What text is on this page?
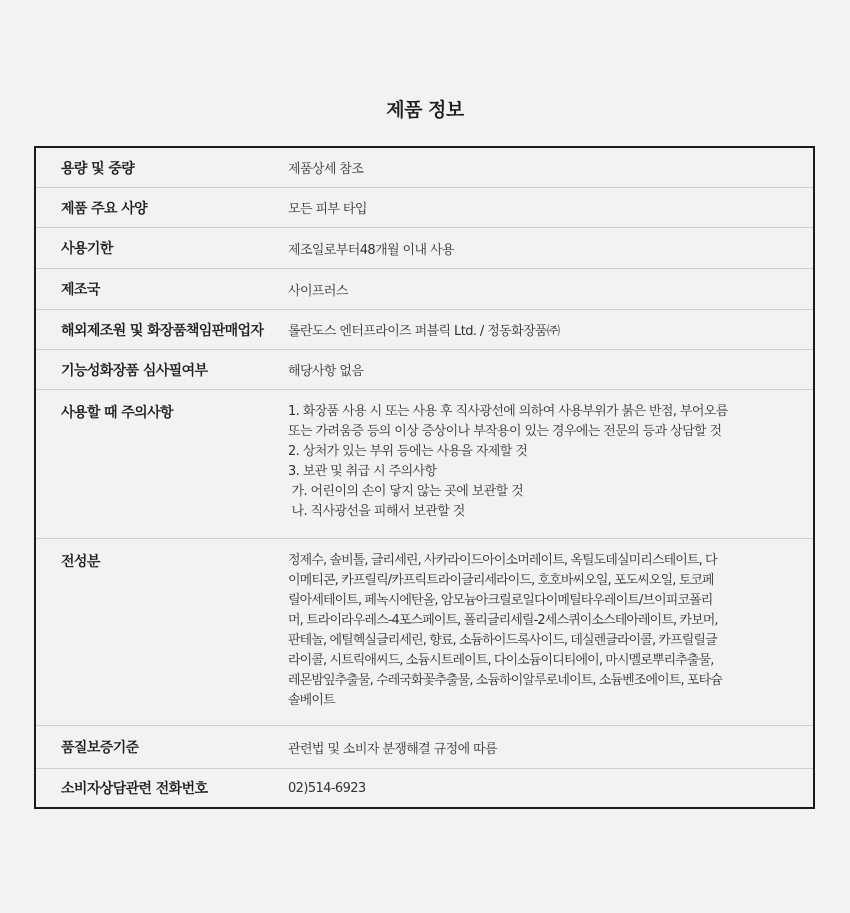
제품 정보
용량 및 중량	제품상세 참조
제품 주요 사양	모든 피부 타입
사용기한	제조일로부터48개월 이내 사용
제조국	사이프러스
해외제조원 및 화장품책임판매업자	롤란도스 엔터프라이즈 퍼블릭 Ltd. / 정동화장품㈜
기능성화장품 심사필여부	해당사항 없음
사용할 때 주의사항	1. 화장품 사용 시 또는 사용 후 직사광선에 의하여 사용부위가 붉은 반점, 부어오름
또는 가려움증 등의 이상 증상이나 부작용이 있는 경우에는 전문의 등과 상담할 것
2. 상처가 있는 부위 등에는 사용을 자제할 것
3. 보관 및 취급 시 주의사항
가. 어린이의 손이 닿지 않는 곳에 보관할 것
나. 직사광선을 피해서 보관할 것
전성분	정제수, 솔비톨, 글리세린, 사카라이드아이소머레이트, 옥틸도데실미리스테이트, 다
이메티콘, 카프릴릭/카프릭트라이글리세라이드, 호호바씨오일, 포도씨오일, 토코페
릴아세테이트, 페녹시에탄올, 암모늄아크릴로일다이메틸타우레이트/브이피코폴리
머, 트라이라우레스-4포스페이트, 폴리글리세릴-2세스퀴이소스테아레이트, 카보머,
판테놀, 에틸헥실글리세린, 향료, 소듐하이드록사이드, 데실렌글라이콜, 카프릴릴글
라이콜, 시트릭애씨드, 소듐시트레이트, 다이소듐이디티에이, 마시멜로뿌리추출물,
레몬밤잎추출물, 수레국화꽃추출물, 소듐하이알루로네이트, 소듐벤조에이트, 포타슘
솔베이트
품질보증기준	관련법 및 소비자 분쟁해결 규정에 따름
소비자상담관련 전화번호	02)514-6923
